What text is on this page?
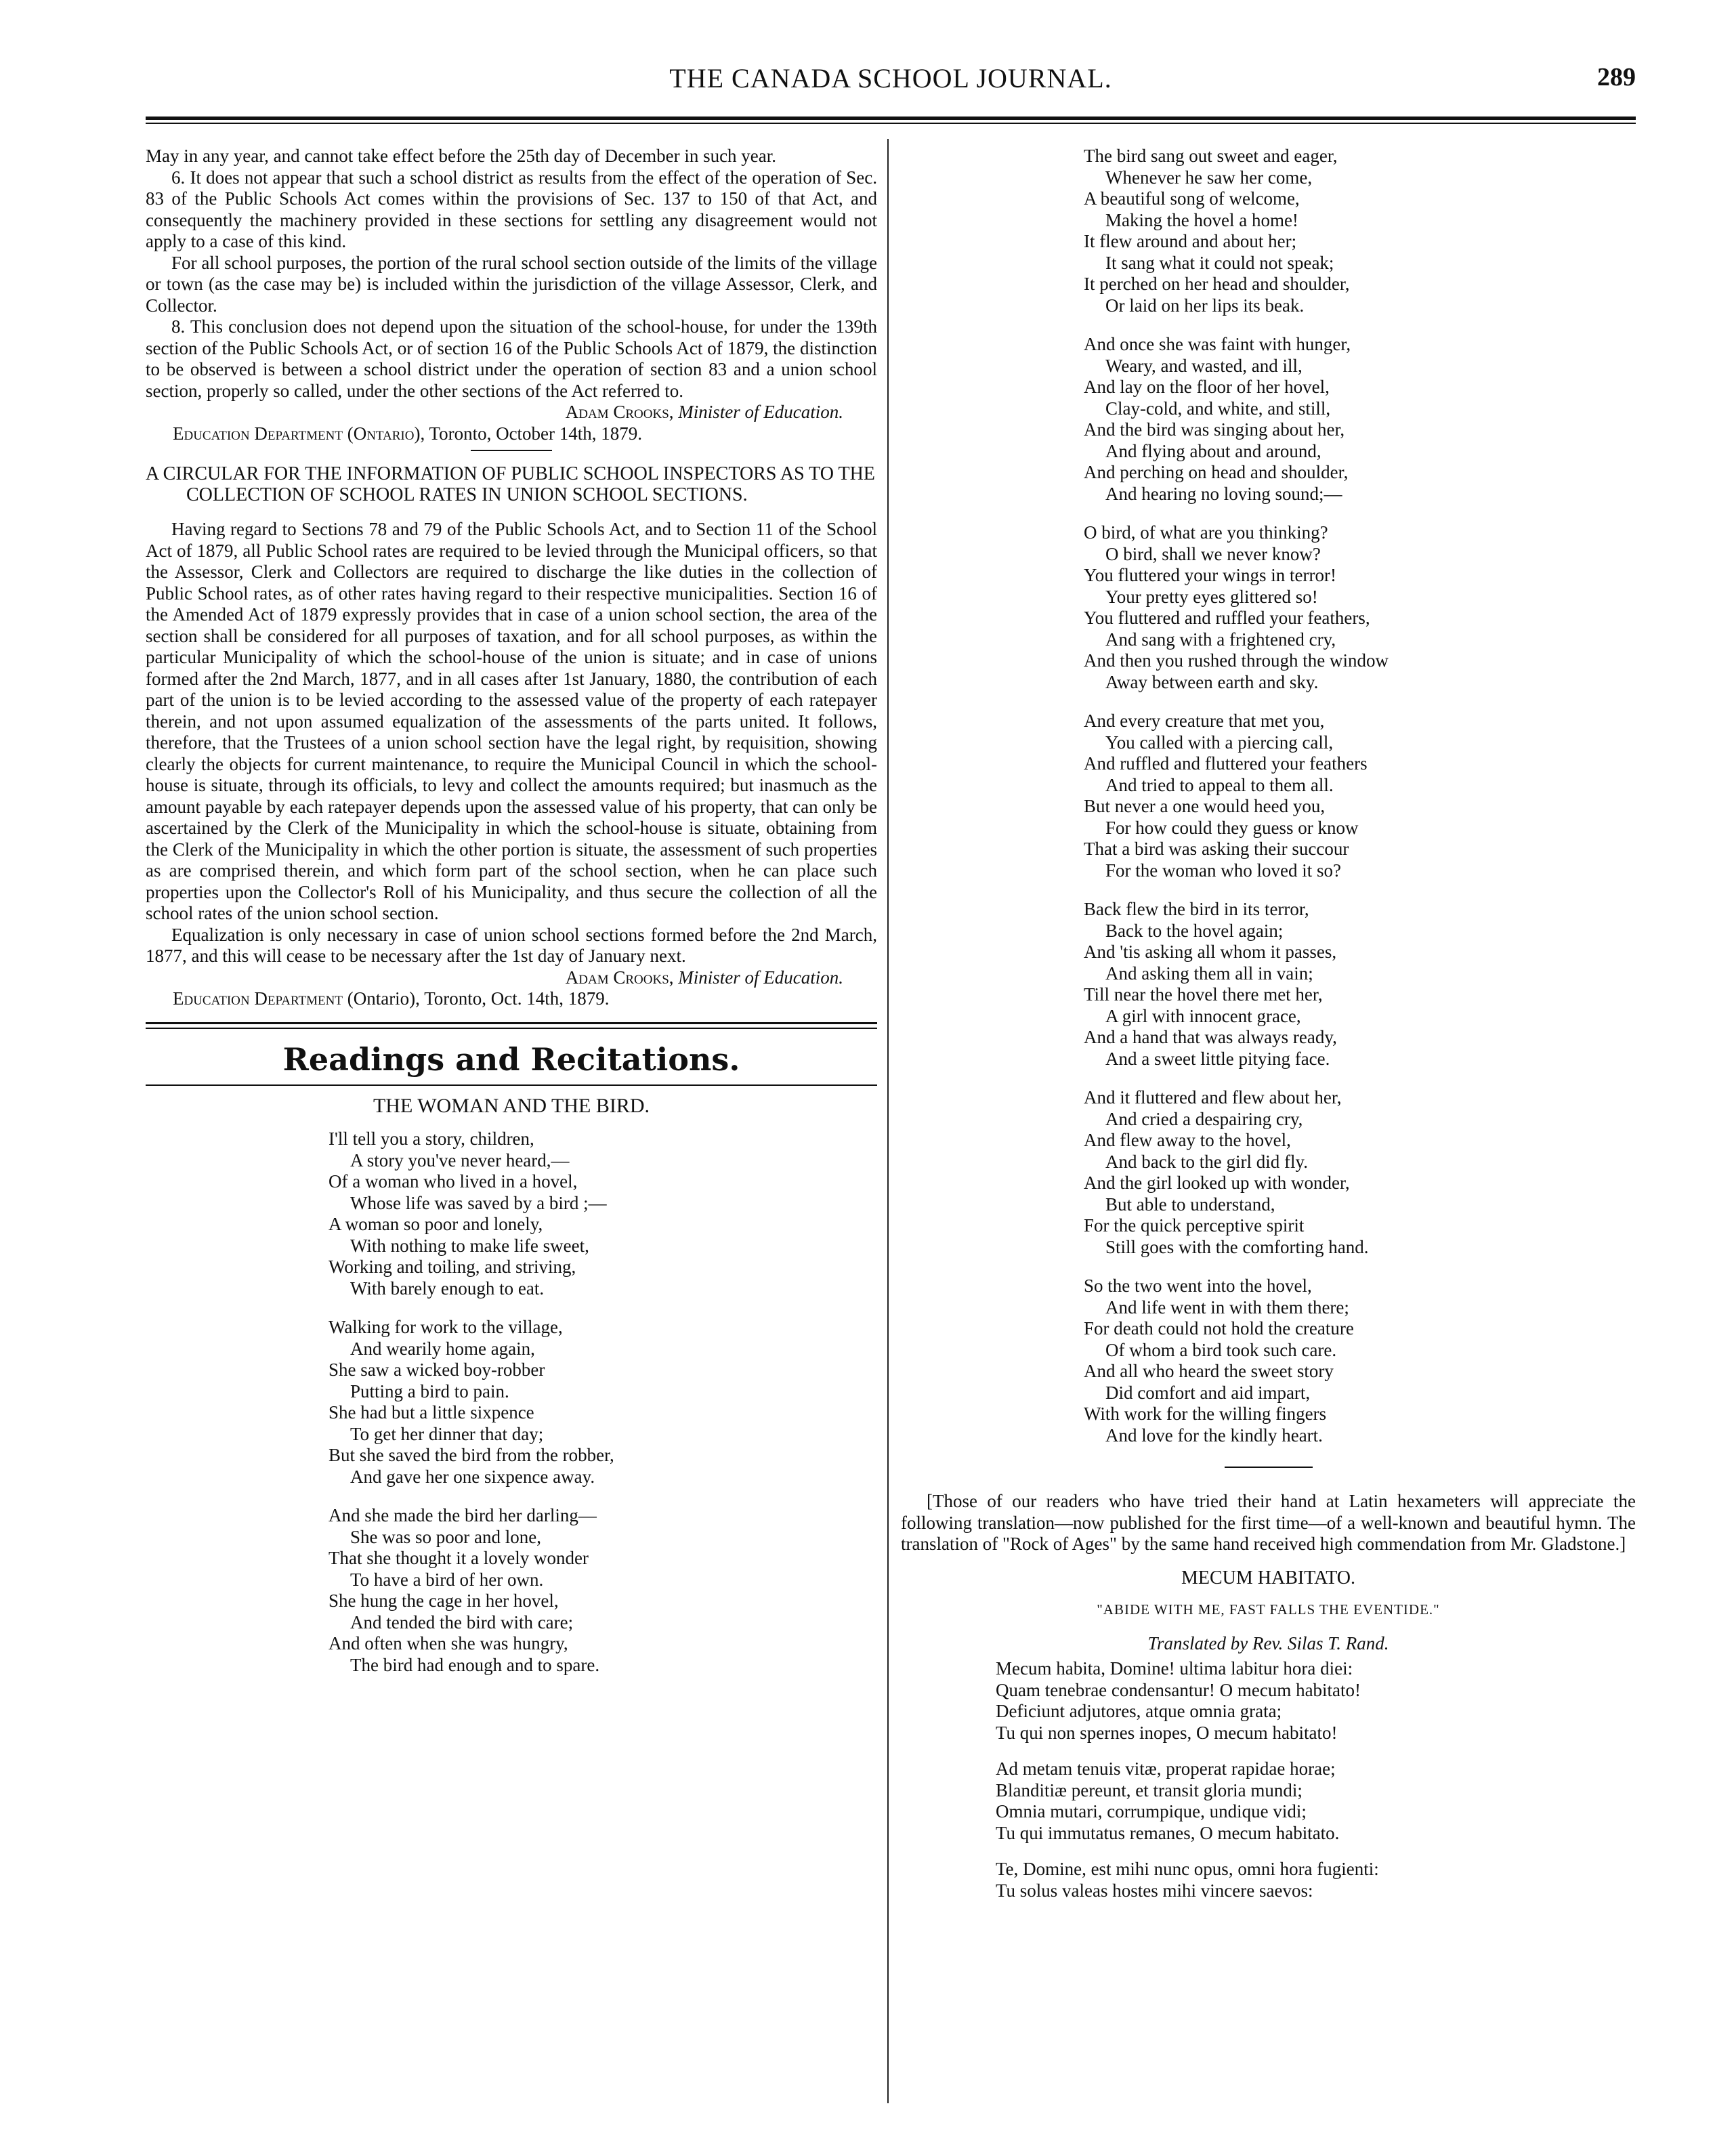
THE CANADA SCHOOL JOURNAL.	289

May in any year, and cannot take effect before the 25th day of December in such year.

6. It does not appear that such a school district as results from the effect of the operation of Sec. 83 of the Public Schools Act comes within the provisions of Sec. 137 to 150 of that Act, and consequently the machinery provided in these sections for settling any disagreement would not apply to a case of this kind.

For all school purposes, the portion of the rural school section outside of the limits of the village or town (as the case may be) is included within the jurisdiction of the village Assessor, Clerk, and Collector.

8. This conclusion does not depend upon the situation of the school-house, for under the 139th section of the Public Schools Act, or of section 16 of the Public Schools Act of 1879, the distinction to be observed is between a school district under the operation of section 83 and a union school section, properly so called, under the other sections of the Act referred to.

Adam Crooks, Minister of Education.
Education Department (Ontario), Toronto, October 14th, 1879.
A CIRCULAR FOR THE INFORMATION OF PUBLIC SCHOOL INSPECTORS AS TO THE COLLECTION OF SCHOOL RATES IN UNION SCHOOL SECTIONS.

Having regard to Sections 78 and 79 of the Public Schools Act, and to Section 11 of the School Act of 1879, all Public School rates are required to be levied through the Municipal officers, so that the Assessor, Clerk and Collectors are required to discharge the like duties in the collection of Public School rates, as of other rates having regard to their respective municipalities. Section 16 of the Amended Act of 1879 expressly provides that in case of a union school section, the area of the section shall be considered for all purposes of taxation, and for all school purposes, as within the particular Municipality of which the school-house of the union is situate; and in case of unions formed after the 2nd March, 1877, and in all cases after 1st January, 1880, the contribution of each part of the union is to be levied according to the assessed value of the property of each ratepayer therein, and not upon assumed equalization of the assessments of the parts united. It follows, therefore, that the Trustees of a union school section have the legal right, by requisition, showing clearly the objects for current maintenance, to require the Municipal Council in which the school-house is situate, through its officials, to levy and collect the amounts required; but inasmuch as the amount payable by each ratepayer depends upon the assessed value of his property, that can only be ascertained by the Clerk of the Municipality in which the school-house is situate, obtaining from the Clerk of the Municipality in which the other portion is situate, the assessment of such properties as are comprised therein, and which form part of the school section, when he can place such properties upon the Collector's Roll of his Municipality, and thus secure the collection of all the school rates of the union school section.

Equalization is only necessary in case of union school sections formed before the 2nd March, 1877, and this will cease to be necessary after the 1st day of January next.

Adam Crooks, Minister of Education.
Education Department (Ontario), Toronto, Oct. 14th, 1879.
Readings and Recitations.
THE WOMAN AND THE BIRD.
I'll tell you a story, children,
A story you've never heard,—
Of a woman who lived in a hovel,
Whose life was saved by a bird ;—
A woman so poor and lonely,
With nothing to make life sweet,
Working and toiling, and striving,
With barely enough to eat.
Walking for work to the village,
And wearily home again,
She saw a wicked boy-robber
Putting a bird to pain.
She had but a little sixpence
To get her dinner that day;
But she saved the bird from the robber,
And gave her one sixpence away.
And she made the bird her darling—
She was so poor and lone,
That she thought it a lovely wonder
To have a bird of her own.
She hung the cage in her hovel,
And tended the bird with care;
And often when she was hungry,
The bird had enough and to spare.
The bird sang out sweet and eager,
Whenever he saw her come,
A beautiful song of welcome,
Making the hovel a home!
It flew around and about her;
It sang what it could not speak;
It perched on her head and shoulder,
Or laid on her lips its beak.
And once she was faint with hunger,
Weary, and wasted, and ill,
And lay on the floor of her hovel,
Clay-cold, and white, and still,
And the bird was singing about her,
And flying about and around,
And perching on head and shoulder,
And hearing no loving sound;—
O bird, of what are you thinking?
O bird, shall we never know?
You fluttered your wings in terror!
Your pretty eyes glittered so!
You fluttered and ruffled your feathers,
And sang with a frightened cry,
And then you rushed through the window
Away between earth and sky.
And every creature that met you,
You called with a piercing call,
And ruffled and fluttered your feathers
And tried to appeal to them all.
But never a one would heed you,
For how could they guess or know
That a bird was asking their succour
For the woman who loved it so?
Back flew the bird in its terror,
Back to the hovel again;
And 'tis asking all whom it passes,
And asking them all in vain;
Till near the hovel there met her,
A girl with innocent grace,
And a hand that was always ready,
And a sweet little pitying face.
And it fluttered and flew about her,
And cried a despairing cry,
And flew away to the hovel,
And back to the girl did fly.
And the girl looked up with wonder,
But able to understand,
For the quick perceptive spirit
Still goes with the comforting hand.
So the two went into the hovel,
And life went in with them there;
For death could not hold the creature
Of whom a bird took such care.
And all who heard the sweet story
Did comfort and aid impart,
With work for the willing fingers
And love for the kindly heart.

[Those of our readers who have tried their hand at Latin hexameters will appreciate the following translation—now published for the first time—of a well-known and beautiful hymn. The translation of "Rock of Ages" by the same hand received high commendation from Mr. Gladstone.]

MECUM HABITATO.
"ABIDE WITH ME, FAST FALLS THE EVENTIDE."
Translated by Rev. Silas T. Rand.
Mecum habita, Domine! ultima labitur hora diei:
Quam tenebrae condensantur! O mecum habitato!
Deficiunt adjutores, atque omnia grata;
Tu qui non spernes inopes, O mecum habitato!
Ad metam tenuis vitæ, properat rapidae horae;
Blanditiæ pereunt, et transit gloria mundi;
Omnia mutari, corrumpique, undique vidi;
Tu qui immutatus remanes, O mecum habitato.
Te, Domine, est mihi nunc opus, omni hora fugienti:
Tu solus valeas hostes mihi vincere saevos:
